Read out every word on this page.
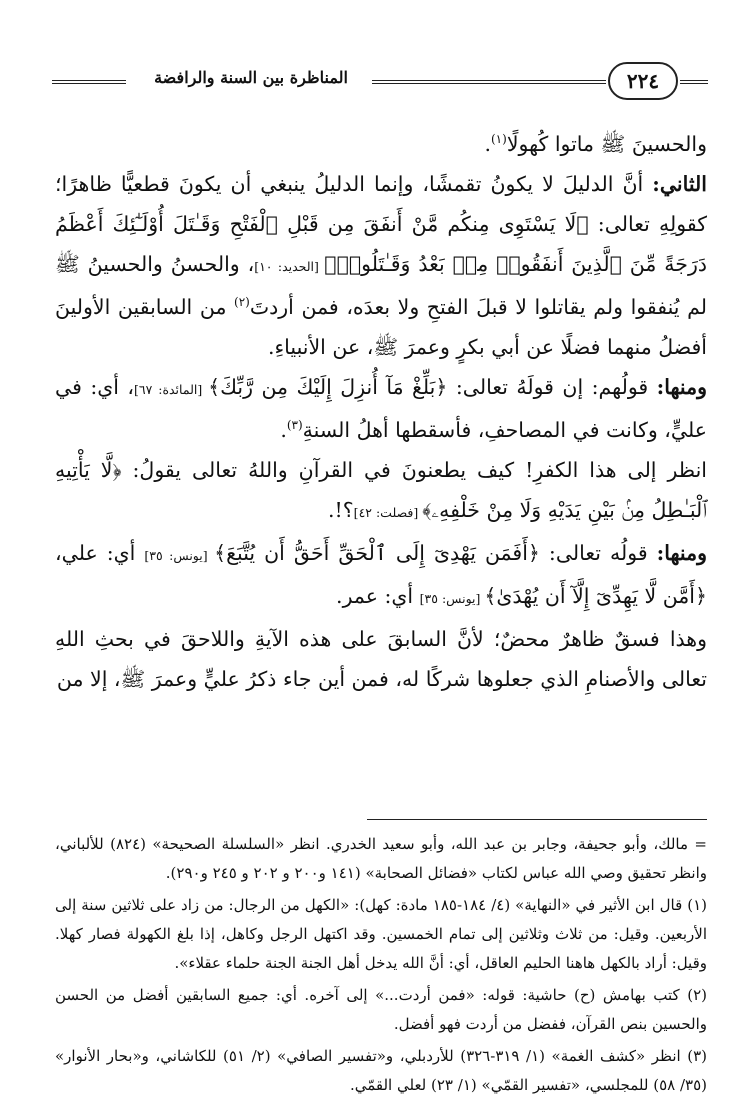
المناظرة بين السنة والرافضة	٢٢٤

والحسينَ ﷺ ماتوا كُهولًا$^{(١)}$.

الثاني: أنَّ الدليلَ لا يكونُ تقمشًا، وإنما الدليلُ ينبغي أن يكونَ قطعيًّا ظاهرًا؛ كقولِهِ تعالى: ﴿لَا يَسْتَوِى مِنكُم مَّنْ أَنفَقَ مِن قَبْلِ ٱلْفَتْحِ وَقَـٰتَلَ أُوْلَـٰٓئِكَ أَعْظَمُ دَرَجَةً مِّنَ ٱلَّذِينَ أَنفَقُوا۟ مِنۢ بَعْدُ وَقَـٰتَلُوا۟﴾ [الحديد: ١٠]، والحسنُ والحسينُ ﷺ لم يُنفقوا ولم يقاتلوا لا قبلَ الفتحِ ولا بعدَه، فمن أردتَ$^{(٢)}$ من السابقين الأولينَ أفضلُ منهما فضلًا عن أبي بكرٍ وعمرَ ﷺ، عن الأنبياءِ.

ومنها: قولُهم: إن قولَهُ تعالى: ﴿بَلِّغْ مَآ أُنزِلَ إِلَيْكَ مِن رَّبِّكَ﴾ [المائدة: ٦٧]، أي: في عليٍّ، وكانت في المصاحفِ، فأسقطها أهلُ السنةِ$^{(٣)}$.

انظر إلى هذا الكفرِ! كيف يطعنونَ في القرآنِ واللهُ تعالى يقولُ: ﴿لَّا يَأْتِيهِ ٱلْبَـٰطِلُ مِنۢ بَيْنِ يَدَيْهِ وَلَا مِنْ خَلْفِهِۦ﴾ [فصلت: ٤٢]؟!.

ومنها: قولُه تعالى: ﴿أَفَمَن يَهْدِىٓ إِلَى ٱلْحَقِّ أَحَقُّ أَن يُتَّبَعَ﴾ [يونس: ٣٥] أي: علي، ﴿أَمَّن لَّا يَهِدِّىٓ إِلَّآ أَن يُهْدَىٰ﴾ [يونس: ٣٥] أي: عمر.

وهذا فسقٌ ظاهرٌ محضٌ؛ لأنَّ السابقَ على هذه الآيةِ واللاحقَ في بحثِ اللهِ تعالى والأصنامِ الذي جعلوها شركًا له، فمن أين جاء ذكرُ عليٍّ وعمرَ ﷺ، إلا من

= مالك، وأبو جحيفة، وجابر بن عبد الله، وأبو سعيد الخدري. انظر «السلسلة الصحيحة» (٨٢٤) للألباني، وانظر تحقيق وصي الله عباس لكتاب «فضائل الصحابة» (١٤١ و٢٠٠ و ٢٠٢ و ٢٤٥ و٢٩٠).

(١) قال ابن الأثير في «النهاية» (٤/ ١٨٤-١٨٥ مادة: كهل): «الكهل من الرجال: من زاد على ثلاثين سنة إلى الأربعين. وقيل: من ثلاث وثلاثين إلى تمام الخمسين. وقد اكتهل الرجل وكاهل، إذا بلغ الكهولة فصار كهلا. وقيل: أراد بالكهل هاهنا الحليم العاقل، أي: أنَّ الله يدخل أهل الجنة الجنة حلماء عقلاء».

(٢) كتب بهامش (ح) حاشية: قوله: «فمن أردت...» إلى آخره. أي: جميع السابقين أفضل من الحسن والحسين بنص القرآن، ففضل من أردت فهو أفضل.

(٣) انظر «كشف الغمة» (١/ ٣١٩-٣٢٦) للأردبلي، و«تفسير الصافي» (٢/ ٥١) للكاشاني، و«بحار الأنوار» (٣٥/ ٥٨) للمجلسي، «تفسير القمّي» (١/ ٢٣) لعلي القمّي.
